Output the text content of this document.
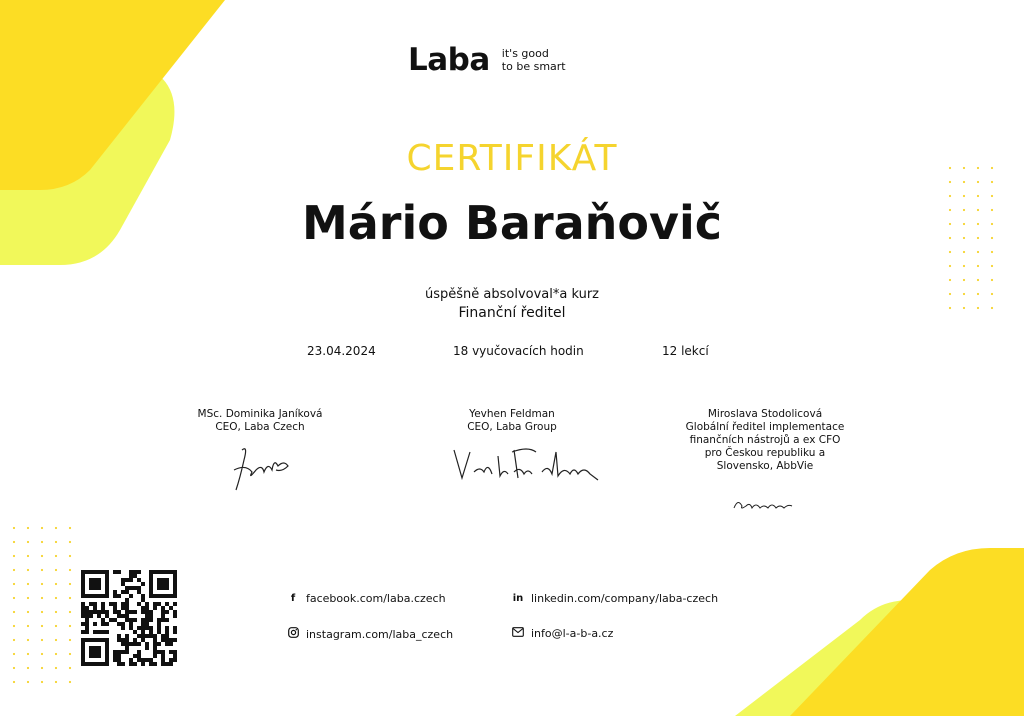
Laba it's good
to be smart
CERTIFIKÁT
Mário Baraňovič
úspěšně absolvoval*a kurz
Finanční ředitel
23.04.2024	18 vyučovacích hodin	12 lekcí
MSc. Dominika Janíková
CEO, Laba Czech
Yevhen Feldman
CEO, Laba Group
Miroslava Stodolicová
Globální ředitel implementace
finančních nástrojů a ex CFO
pro Českou republiku a
Slovensko, AbbVie
f facebook.com/laba.czech	in linkedin.com/company/laba-czech
instagram.com/laba_czech	info@l-a-b-a.cz
